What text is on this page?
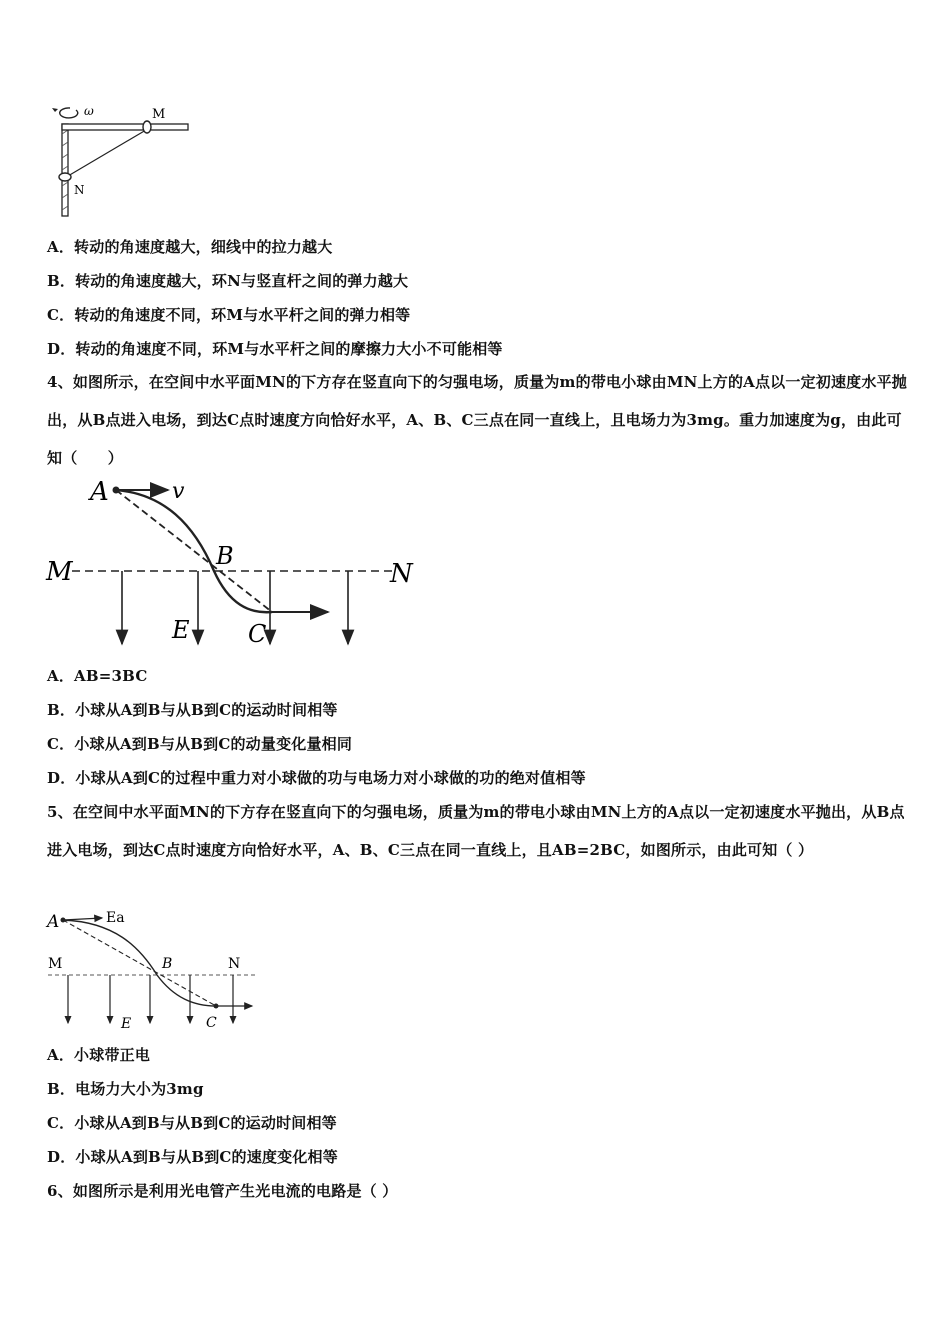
ω	M
N
A．转动的角速度越大，细线中的拉力越大
B．转动的角速度越大，环N与竖直杆之间的弹力越大
C．转动的角速度不同，环M与水平杆之间的弹力相等
D．转动的角速度不同，环M与水平杆之间的摩擦力大小不可能相等
4、如图所示，在空间中水平面MN的下方存在竖直向下的匀强电场，质量为m的带电小球由MN上方的A点以一定初速度水平抛出，从B点进入电场，到达C点时速度方向恰好水平，A、B、C三点在同一直线上，且电场力为3mg。重力加速度为g，由此可知（　　）
M	N
A	v
B
C
E
A．AB=3BC
B．小球从A到B与从B到C的运动时间相等
C．小球从A到B与从B到C的动量变化量相同
D．小球从A到C的过程中重力对小球做的功与电场力对小球做的功的绝对值相等
5、在空间中水平面MN的下方存在竖直向下的匀强电场，质量为m的带电小球由MN上方的A点以一定初速度水平抛出，从B点进入电场，到达C点时速度方向恰好水平，A、B、C三点在同一直线上，且AB=2BC，如图所示，由此可知（ ）
M	N
A	Ea
B
C
E
A．小球带正电
B．电场力大小为3mg
C．小球从A到B与从B到C的运动时间相等
D．小球从A到B与从B到C的速度变化相等
6、如图所示是利用光电管产生光电流的电路是（ ）
